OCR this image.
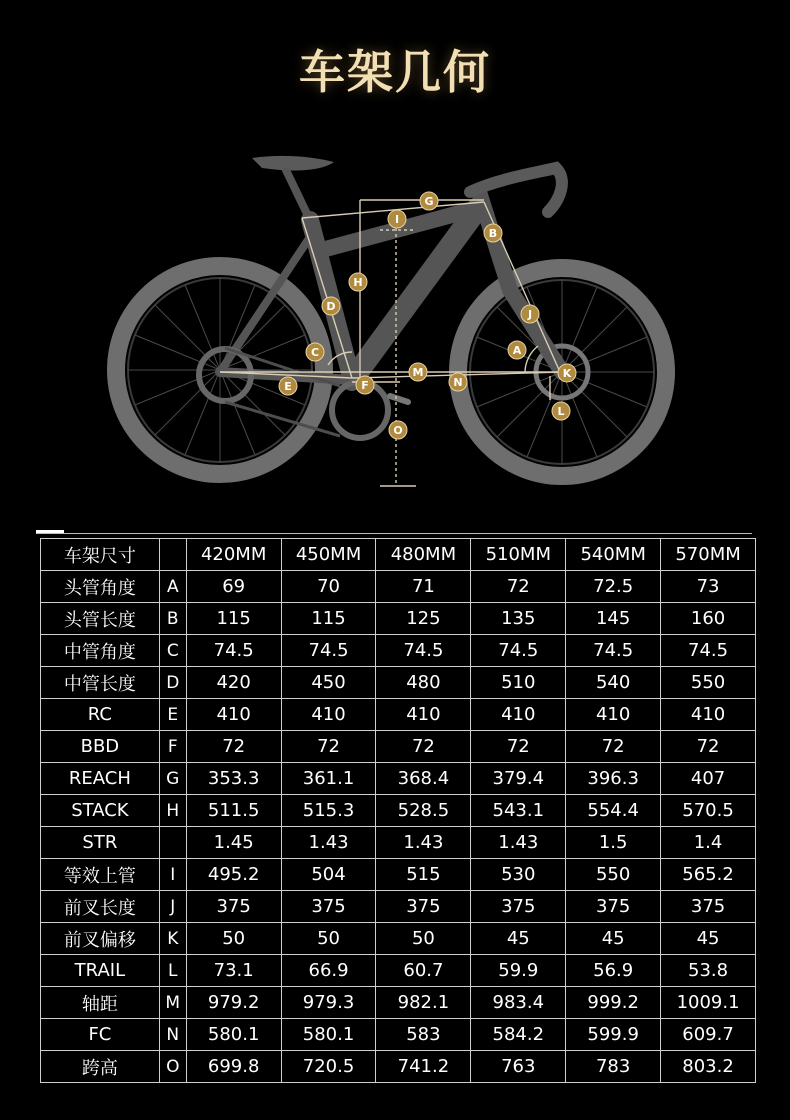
车架几何
G
I
B
H
D
J
C	A
M	K
E	F	N
L
O
车架尺寸		420MM	450MM	480MM	510MM	540MM	570MM
头管角度	A	69	70	71	72	72.5	73
头管长度	B	115	115	125	135	145	160
中管角度	C	74.5	74.5	74.5	74.5	74.5	74.5
中管长度	D	420	450	480	510	540	550
RC	E	410	410	410	410	410	410
BBD	F	72	72	72	72	72	72
REACH	G	353.3	361.1	368.4	379.4	396.3	407
STACK	H	511.5	515.3	528.5	543.1	554.4	570.5
STR		1.45	1.43	1.43	1.43	1.5	1.4
等效上管	I	495.2	504	515	530	550	565.2
前叉长度	J	375	375	375	375	375	375
前叉偏移	K	50	50	50	45	45	45
TRAIL	L	73.1	66.9	60.7	59.9	56.9	53.8
轴距	M	979.2	979.3	982.1	983.4	999.2	1009.1
FC	N	580.1	580.1	583	584.2	599.9	609.7
跨高	O	699.8	720.5	741.2	763	783	803.2
